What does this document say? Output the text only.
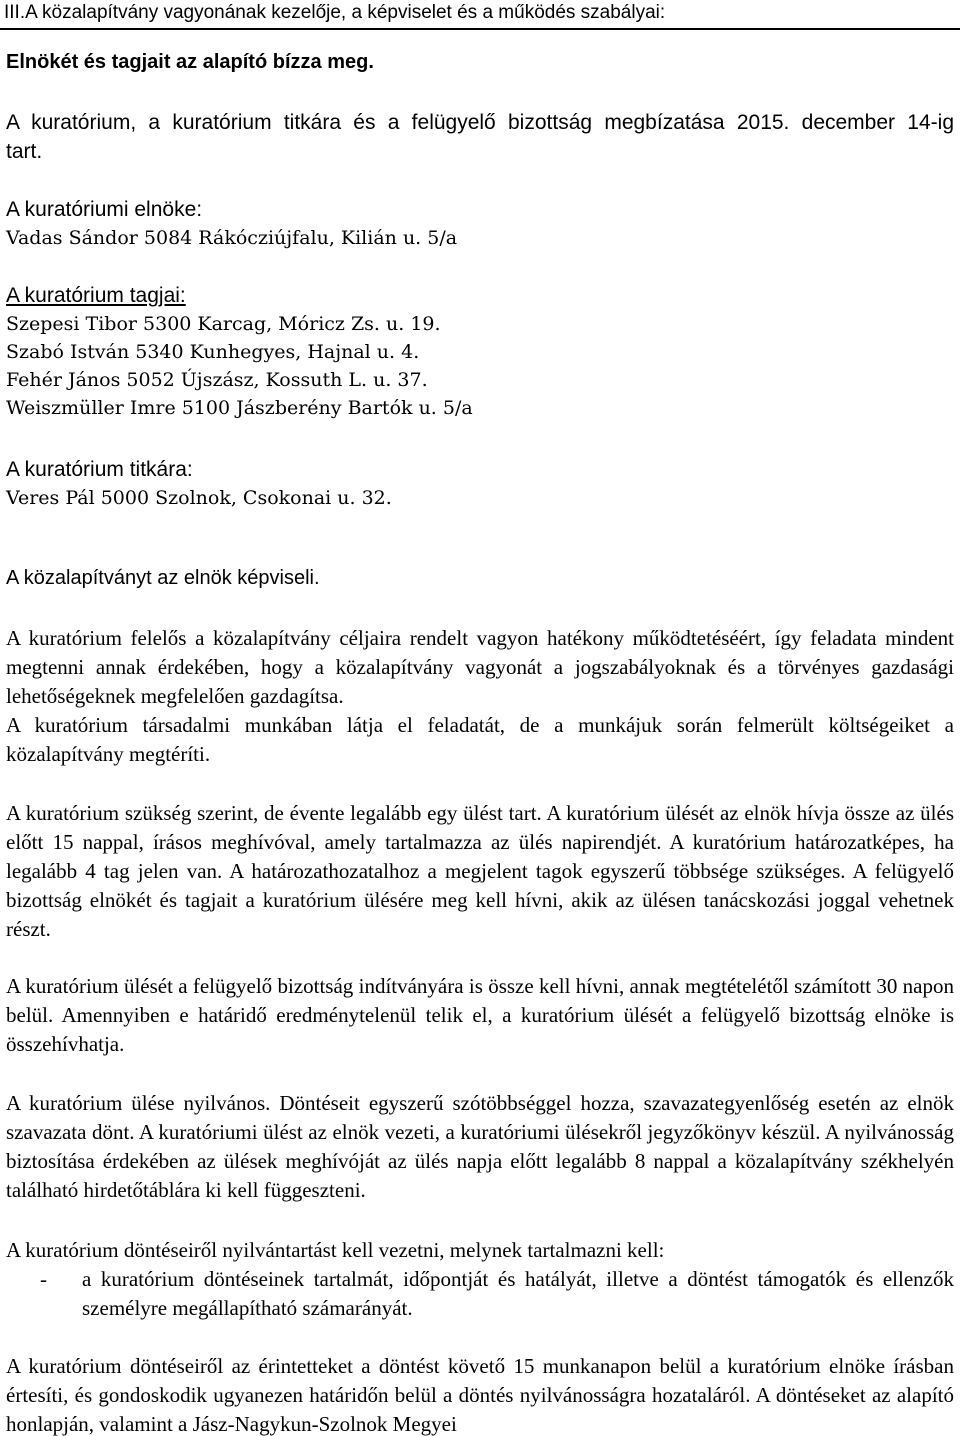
III.A közalapítvány vagyonának kezelője, a képviselet és a működés szabályai:
Elnökét és tagjait az alapító bízza meg.
A kuratórium, a kuratórium titkára és a felügyelő bizottság megbízatása 2015. december 14-ig tart.
A kuratóriumi elnöke:
Vadas Sándor 5084 Rákócziújfalu, Kilián u. 5/a
A kuratórium tagjai:
Szepesi Tibor 5300 Karcag, Móricz Zs. u. 19.
Szabó István 5340 Kunhegyes, Hajnal u. 4.
Fehér János 5052 Újszász, Kossuth L. u. 37.
Weiszmüller Imre 5100 Jászberény Bartók u. 5/a
A kuratórium titkára:
Veres Pál 5000 Szolnok, Csokonai u. 32.
A közalapítványt az elnök képviseli.
A kuratórium felelős a közalapítvány céljaira rendelt vagyon hatékony működtetéséért, így feladata mindent megtenni annak érdekében, hogy a közalapítvány vagyonát a jogszabályoknak és a törvényes gazdasági lehetőségeknek megfelelően gazdagítsa.
A kuratórium társadalmi munkában látja el feladatát, de a munkájuk során felmerült költségeiket a közalapítvány megtéríti.
A kuratórium szükség szerint, de évente legalább egy ülést tart. A kuratórium ülését az elnök hívja össze az ülés előtt 15 nappal, írásos meghívóval, amely tartalmazza az ülés napirendjét. A kuratórium határozatképes, ha legalább 4 tag jelen van. A határozathozatalhoz a megjelent tagok egyszerű többsége szükséges. A felügyelő bizottság elnökét és tagjait a kuratórium ülésére meg kell hívni, akik az ülésen tanácskozási joggal vehetnek részt.
A kuratórium ülését a felügyelő bizottság indítványára is össze kell hívni, annak megtételétől számított 30 napon belül. Amennyiben e határidő eredménytelenül telik el, a kuratórium ülését a felügyelő bizottság elnöke is összehívhatja.
A kuratórium ülése nyilvános. Döntéseit egyszerű szótöbbséggel hozza, szavazategyenlőség esetén az elnök szavazata dönt. A kuratóriumi ülést az elnök vezeti, a kuratóriumi ülésekről jegyzőkönyv készül. A nyilvánosság biztosítása érdekében az ülések meghívóját az ülés napja előtt legalább 8 nappal a közalapítvány székhelyén található hirdetőtáblára ki kell függeszteni.
A kuratórium döntéseiről nyilvántartást kell vezetni, melynek tartalmazni kell:
- a kuratórium döntéseinek tartalmát, időpontját és hatályát, illetve a döntést támogatók és ellenzők személyre megállapítható számarányát.
A kuratórium döntéseiről az érintetteket a döntést követő 15 munkanapon belül a kuratórium elnöke írásban értesíti, és gondoskodik ugyanezen határidőn belül a döntés nyilvánosságra hozataláról. A döntéseket az alapító honlapján, valamint a Jász-Nagykun-Szolnok Megyei
